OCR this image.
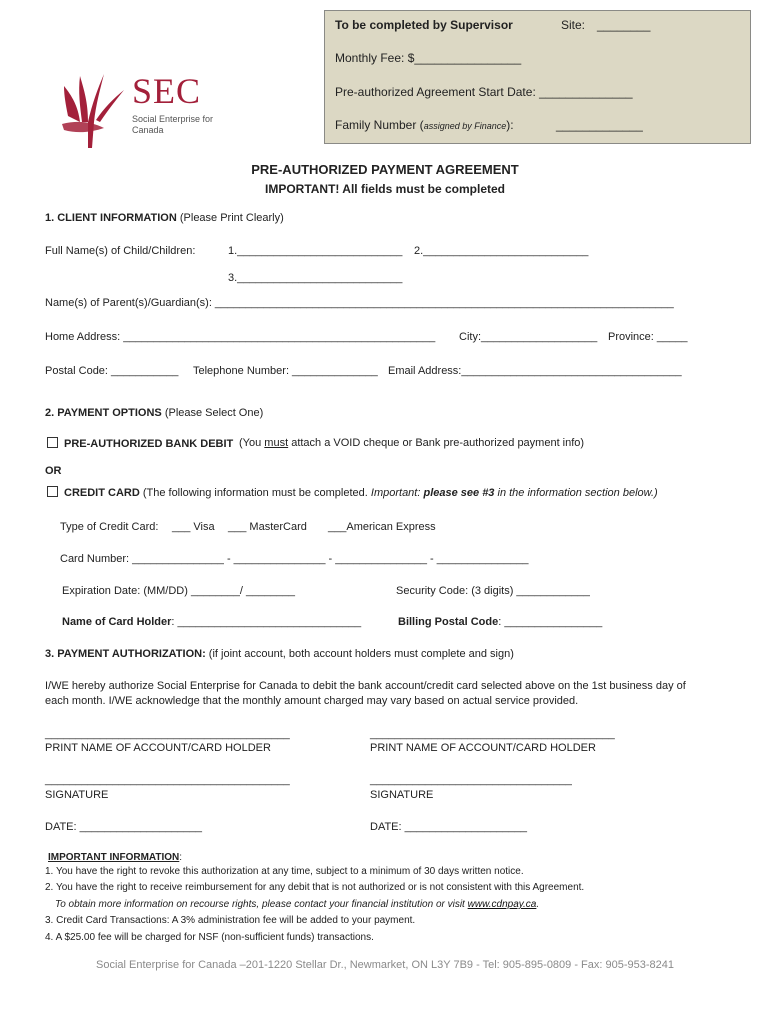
To be completed by Supervisor	Site: ________
Monthly Fee: $________________
Pre-authorized Agreement Start Date: ______________
Family Number (assigned by Finance):	_____________
SEC
Social Enterprise for
Canada
PRE-AUTHORIZED PAYMENT AGREEMENT
IMPORTANT! All fields must be completed
1. CLIENT INFORMATION (Please Print Clearly)
Full Name(s) of Child/Children:	1.___________________________ 2.___________________________
3.___________________________
Name(s) of Parent(s)/Guardian(s): ___________________________________________________________________________
Home Address: ___________________________________________________ City:___________________ Province: _____
Postal Code: ___________ Telephone Number: ______________ Email Address:____________________________________
2. PAYMENT OPTIONS (Please Select One)
PRE-AUTHORIZED BANK DEBIT (You must attach a VOID cheque or Bank pre-authorized payment info)
OR
CREDIT CARD (The following information must be completed. Important: please see #3 in the information section below.)
Type of Credit Card: ___ Visa ___ MasterCard ___American Express
Card Number: _______________ - _______________ - _______________ - _______________
Expiration Date: (MM/DD) ________/ ________	Security Code: (3 digits) ____________
Name of Card Holder: ______________________________	Billing Postal Code: ________________
3. PAYMENT AUTHORIZATION: (if joint account, both account holders must complete and sign)
I/WE hereby authorize Social Enterprise for Canada to debit the bank account/credit card selected above on the 1st business day of
each month. I/WE acknowledge that the monthly amount charged may vary based on actual service provided.
________________________________________	________________________________________
PRINT NAME OF ACCOUNT/CARD HOLDER	PRINT NAME OF ACCOUNT/CARD HOLDER
________________________________________	_________________________________
SIGNATURE	SIGNATURE
DATE: ____________________	DATE: ____________________
IMPORTANT INFORMATION:
1. You have the right to revoke this authorization at any time, subject to a minimum of 30 days written notice.
2. You have the right to receive reimbursement for any debit that is not authorized or is not consistent with this Agreement.
To obtain more information on recourse rights, please contact your financial institution or visit www.cdnpay.ca.
3. Credit Card Transactions: A 3% administration fee will be added to your payment.
4. A $25.00 fee will be charged for NSF (non-sufficient funds) transactions.
Social Enterprise for Canada –201-1220 Stellar Dr., Newmarket, ON L3Y 7B9 - Tel: 905-895-0809 - Fax: 905-953-8241
